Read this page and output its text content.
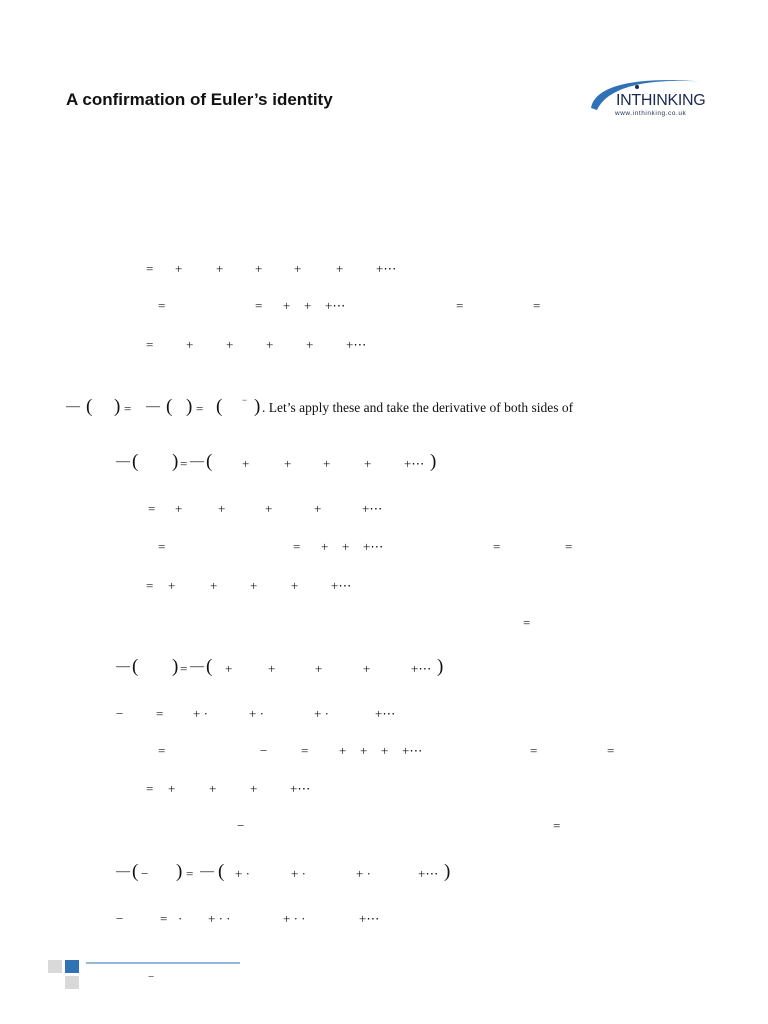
A confirmation of Euler’s identity	INTHINKING
www.inthinking.co.uk
= +	+ + +	+	+⋯
=	= + + +⋯	=	=
=	+	+	+	+	+⋯
— ( ) = — ( ) = ( − ) . Let’s apply these and take the derivative of both sides of
— ( ) = — ( +	+ +	+	+⋯ )
= +	+	+	+	+⋯
=	= + + +⋯	=	=
= +	+	+	+	+⋯
=
— ( ) = — ( +	+	+	+	+⋯ )
−	= + ·	+ ·	+ ·	+⋯
=	−	= + + + +⋯	=	=
= +	+	+	+⋯
−	=
— ( − ) = — ( + ·	+ ·	+ ·	+⋯ )
−	= · + · ·	+ · ·	+⋯
−
